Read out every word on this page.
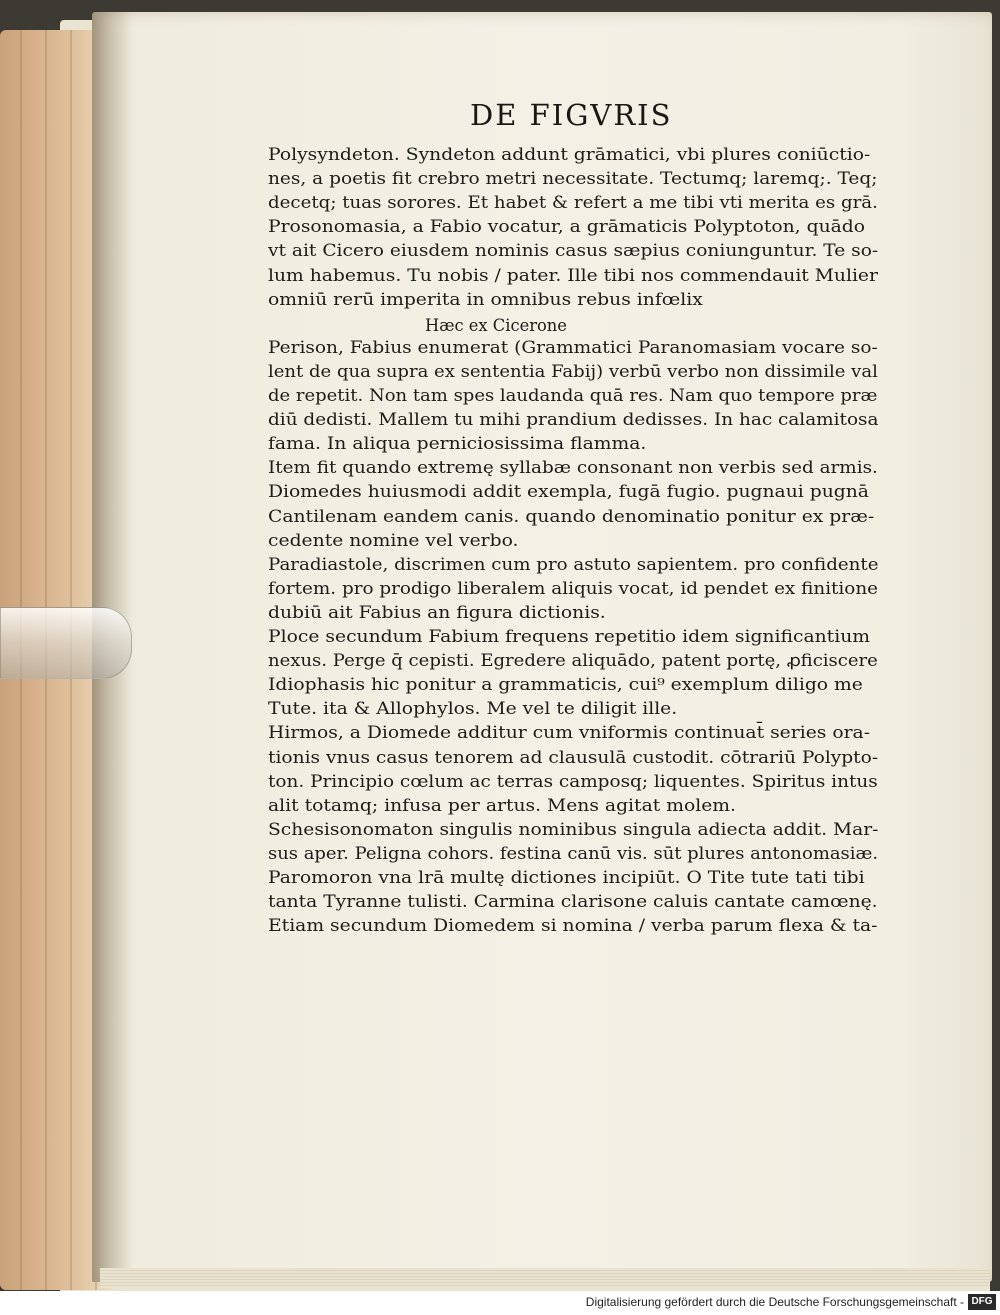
DE FIGVRIS
Polysyndeton. Syndeton addunt grāmatici, vbi plures coniūctio-
nes, a poetis fit crebro metri necessitate. Tectumq; laremq;. Teq;
decetq; tuas sorores. Et habet & refert a me tibi vti merita es grā.
Prosonomasia, a Fabio vocatur, a grāmaticis Polyptoton, quādo
vt ait Cicero eiusdem nominis casus sæpius coniunguntur. Te so-
lum habemus. Tu nobis / pater. Ille tibi nos commendauit Mulier
omniū rerū imperita in omnibus rebus infœlix
Hæc ex Cicerone
Perison, Fabius enumerat (Grammatici Paranomasiam vocare so-
lent de qua supra ex sententia Fabij) verbū verbo non dissimile val
de repetit. Non tam spes laudanda quā res. Nam quo tempore præ
diū dedisti. Mallem tu mihi prandium dedisses. In hac calamitosa
fama. In aliqua perniciosissima flamma.
Item fit quando extremę syllabæ consonant non verbis sed armis.
Diomedes huiusmodi addit exempla, fugā fugio. pugnaui pugnā
Cantilenam eandem canis. quando denominatio ponitur ex præ-
cedente nomine vel verbo.
Paradiastole, discrimen cum pro astuto sapientem. pro confidente
fortem. pro prodigo liberalem aliquis vocat, id pendet ex finitione
dubiū ait Fabius an figura dictionis.
Ploce secundum Fabium frequens repetitio idem significantium
nexus. Perge q̄ cepisti. Egredere aliquādo, patent portę, ꝓficiscere
Idiophasis hic ponitur a grammaticis, cui⁹ exemplum diligo me
Tute. ita & Allophylos. Me vel te diligit ille.
Hirmos, a Diomede additur cum vniformis continuat̄ series ora-
tionis vnus casus tenorem ad clausulā custodit. cōtrariū Polypto-
ton. Principio cœlum ac terras camposq; liquentes. Spiritus intus
alit totamq; infusa per artus. Mens agitat molem.
Schesisonomaton singulis nominibus singula adiecta addit. Mar-
sus aper. Peligna cohors. festina canū vis. sūt plures antonomasiæ.
Paromoron vna lrā multę dictiones incipiūt. O Tite tute tati tibi
tanta Tyranne tulisti. Carmina clarisone caluis cantate camœnę.
Etiam secundum Diomedem si nomina / verba parum flexa & ta-
Digitalisierung gefördert durch die Deutsche Forschungsgemeinschaft - DFG
